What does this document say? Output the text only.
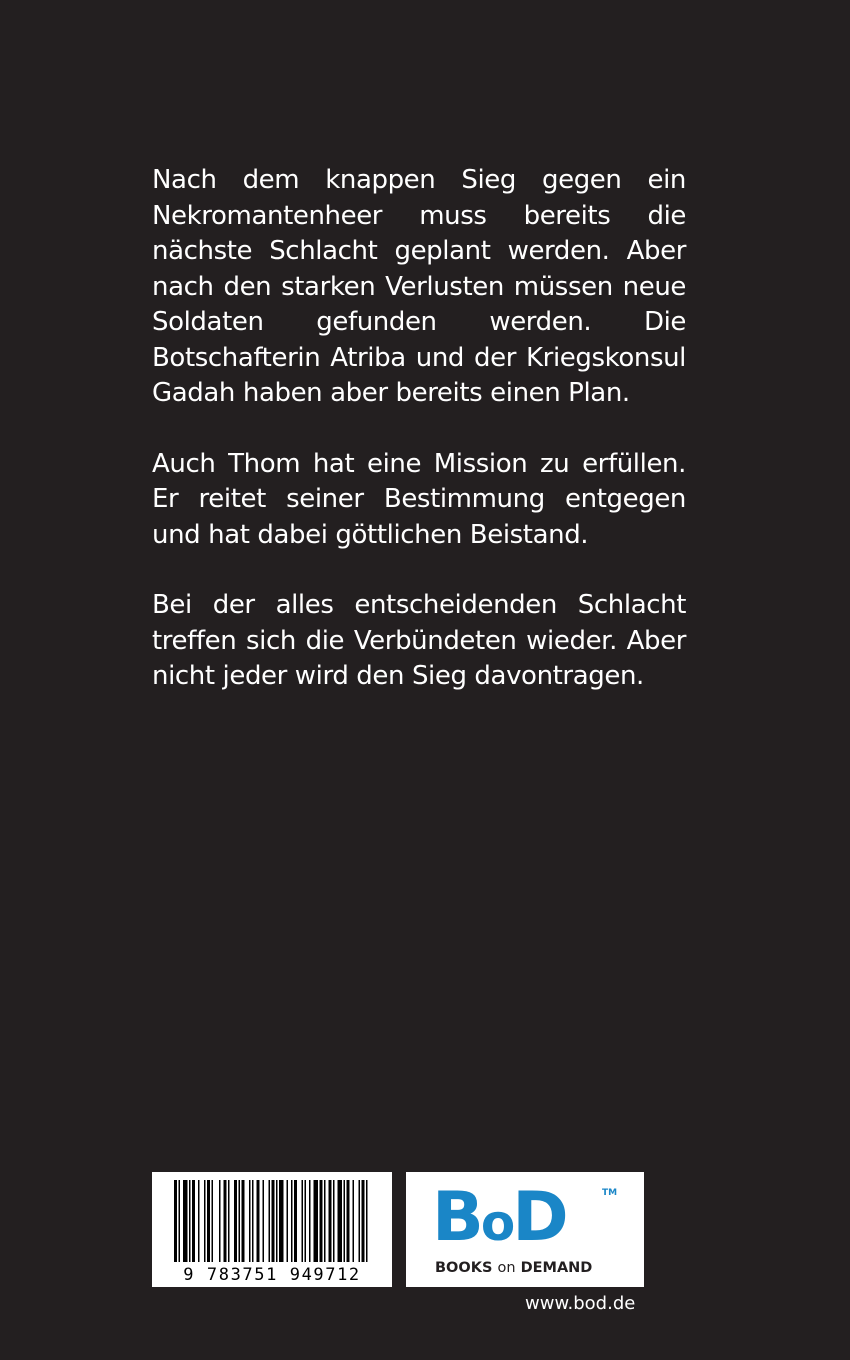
Nach dem knappen Sieg gegen ein Nekromantenheer muss bereits die nächste Schlacht geplant werden. Aber nach den starken Verlusten müssen neue Soldaten gefunden werden. Die Botschafterin Atriba und der Kriegskonsul Gadah haben aber bereits einen Plan.

Auch Thom hat eine Mission zu erfüllen. Er reitet seiner Bestimmung entgegen und hat dabei göttlichen Beistand.

Bei der alles entscheidenden Schlacht treffen sich die Verbündeten wieder. Aber nicht jeder wird den Sieg davontragen.

9 783751 949712
BoD	TM
BOOKS on DEMAND
www.bod.de
